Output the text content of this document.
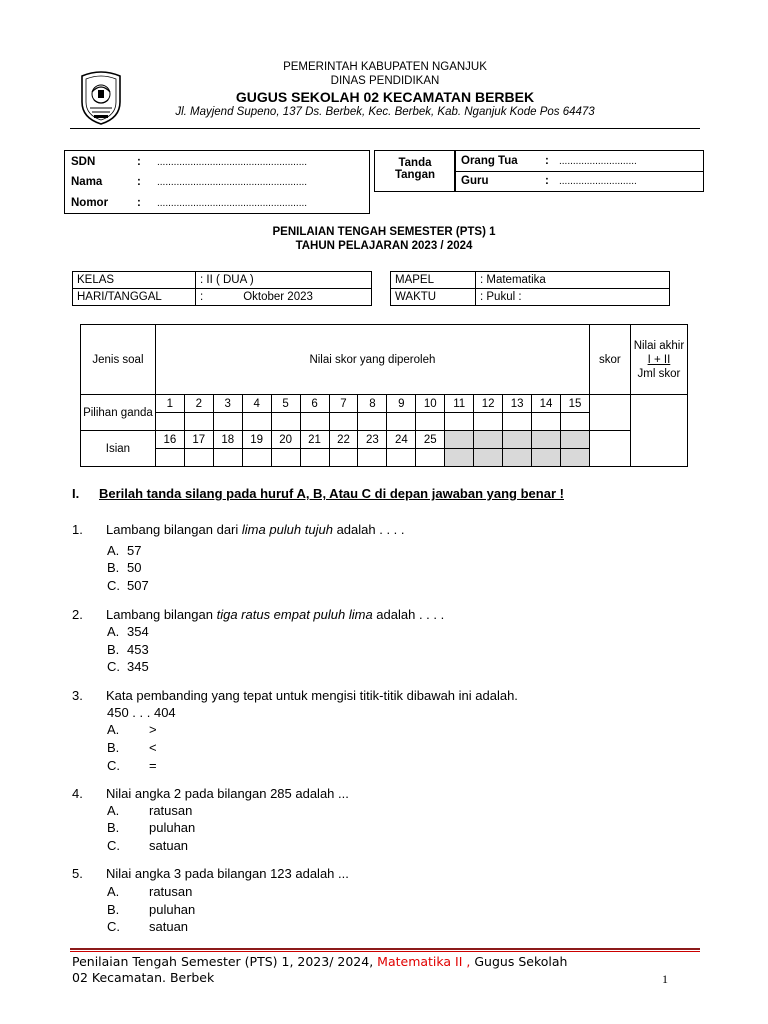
PEMERINTAH KABUPATEN NGANJUK
DINAS PENDIDIKAN
GUGUS SEKOLAH 02 KECAMATAN BERBEK
Jl. Mayjend Supeno, 137 Ds. Berbek, Kec. Berbek, Kab. Nganjuk Kode Pos 64473
SDN	: ......................................................
Nama	: ......................................................
Nomor	: ......................................................
Tanda
Tangan
Orang Tua : ............................
Guru	: ............................
PENILAIAN TENGAH SEMESTER (PTS) 1
TAHUN PELAJARAN 2023 / 2024
KELAS	: II ( DUA )
HARI/TANGGAL	: Oktober 2023
MAPEL	: Matematika
WAKTU	: Pukul :
Jenis soal	Nilai skor yang diperoleh															skor	Nilai akhir
I + II
Jml skor

Pilihan ganda	1	2	3	4	5	6	7	8	9	10	11	12	13	14	15		

Isian	16	17	18	19	20	21	22	23	24	25							

I. Berilah tanda silang pada huruf A, B, Atau C di depan jawaban yang benar !
1. Lambang bilangan dari lima puluh tujuh adalah . . . .
A. 57
B. 50
C. 507
2. Lambang bilangan tiga ratus empat puluh lima adalah . . . .
A. 354
B. 453
C. 345
3. Kata pembanding yang tepat untuk mengisi titik-titik dibawah ini adalah.
450 . . . 404
A. >
B. <
C. =
4. Nilai angka 2 pada bilangan 285 adalah ...
A. ratusan
B. puluhan
C. satuan
5. Nilai angka 3 pada bilangan 123 adalah ...
A. ratusan
B. puluhan
C. satuan
Penilaian Tengah Semester (PTS) 1, 2023/ 2024, Matematika II , Gugus Sekolah
02 Kecamatan. Berbek	1
